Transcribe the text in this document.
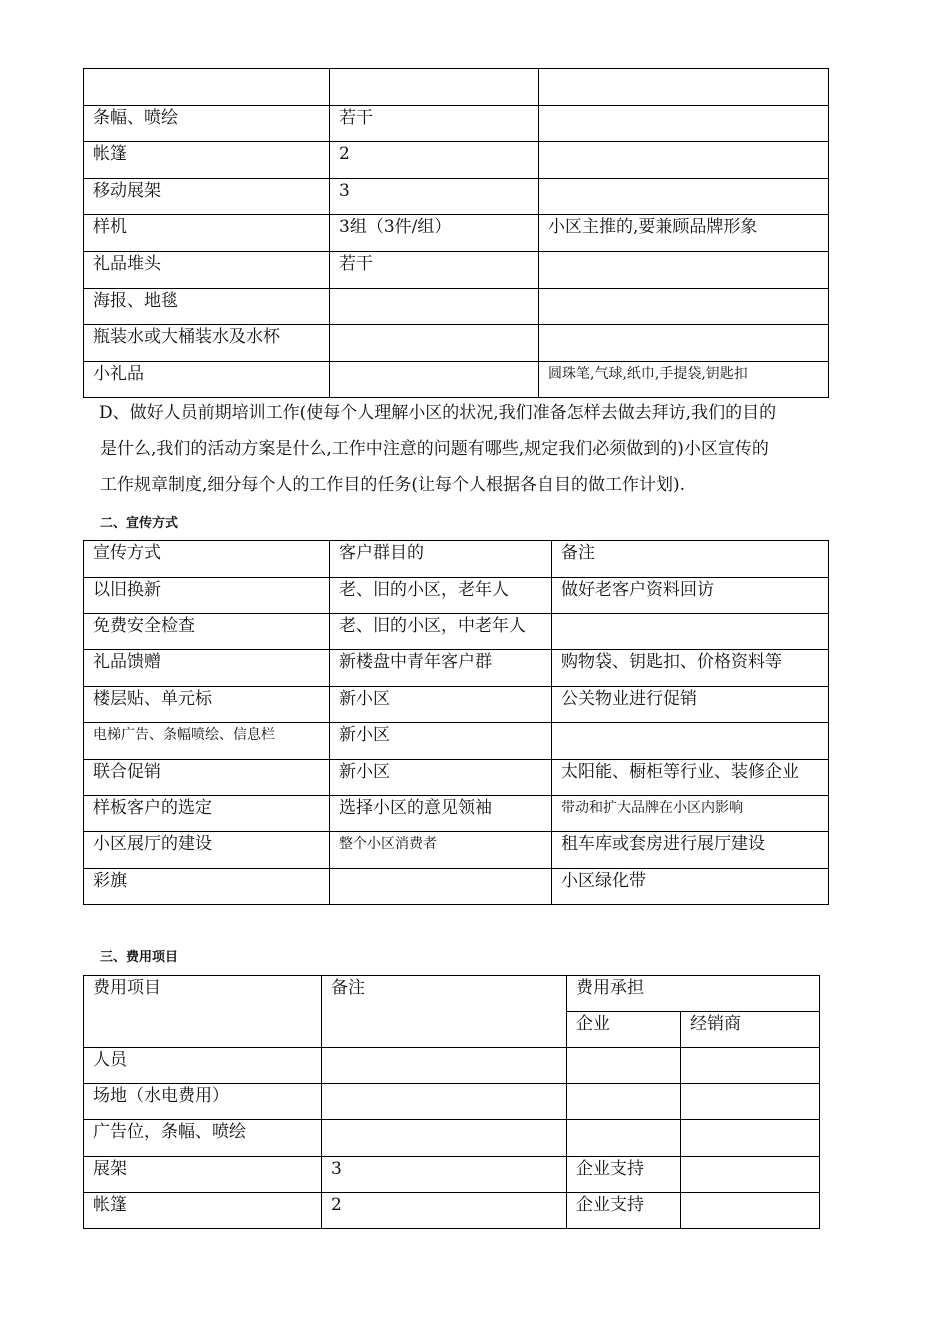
条幅、喷绘	若干	
帐篷	2	
移动展架	3	
样机	3组（3件/组）	小区主推的,要兼顾品牌形象
礼品堆头	若干	
海报、地毯		
瓶装水或大桶装水及水杯		
小礼品		圆珠笔,气球,纸巾,手提袋,钥匙扣
D、做好人员前期培训工作(使每个人理解小区的状况,我们准备怎样去做去拜访,我们的目的
是什么,我们的活动方案是什么,工作中注意的问题有哪些,规定我们必须做到的)小区宣传的
工作规章制度,细分每个人的工作目的任务(让每个人根据各自目的做工作计划).
二、宣传方式
宣传方式	客户群目的	备注
以旧换新	老、旧的小区，老年人	做好老客户资料回访
免费安全检查	老、旧的小区，中老年人	
礼品馈赠	新楼盘中青年客户群	购物袋、钥匙扣、价格资料等
楼层贴、单元标	新小区	公关物业进行促销
电梯广告、条幅喷绘、信息栏	新小区	
联合促销	新小区	太阳能、橱柜等行业、装修企业
样板客户的选定	选择小区的意见领袖	带动和扩大品牌在小区内影响
小区展厅的建设	整个小区消费者	租车库或套房进行展厅建设
彩旗		小区绿化带
三、费用项目
费用项目	备注	费用承担	
		企业	经销商
人员			
场地（水电费用）			
广告位，条幅、喷绘			
展架	3	企业支持	
帐篷	2	企业支持	
